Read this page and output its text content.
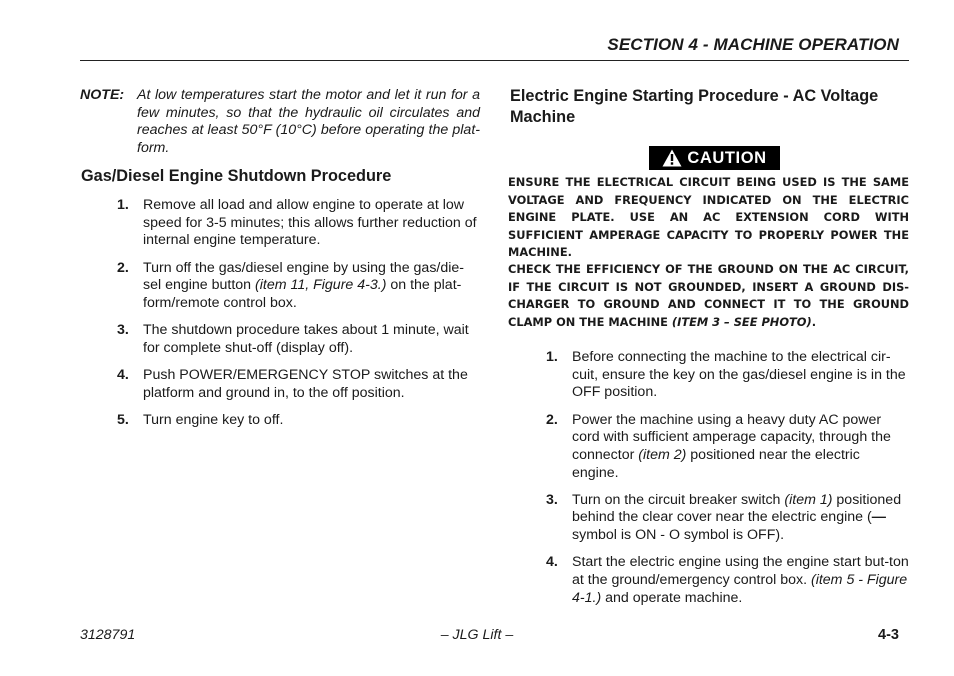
SECTION 4 - MACHINE OPERATION
NOTE: At low temperatures start the motor and let it run for a few minutes, so that the hydraulic oil circulates and reaches at least 50°F (10°C) before operating the plat-form.
Gas/Diesel Engine Shutdown Procedure
1. Remove all load and allow engine to operate at low speed for 3-5 minutes; this allows further reduction of internal engine temperature.
2. Turn off the gas/diesel engine by using the gas/die-sel engine button (item 11, Figure 4-3.) on the plat-form/remote control box.
3. The shutdown procedure takes about 1 minute, wait for complete shut-off (display off).
4. Push POWER/EMERGENCY STOP switches at the platform and ground in, to the off position.
5. Turn engine key to off.
Electric Engine Starting Procedure - AC Voltage Machine
CAUTION
ENSURE THE ELECTRICAL CIRCUIT BEING USED IS THE SAME VOLTAGE AND FREQUENCY INDICATED ON THE ELECTRIC ENGINE PLATE. USE AN AC EXTENSION CORD WITH SUFFICIENT AMPERAGE CAPACITY TO PROPERLY POWER THE MACHINE.
CHECK THE EFFICIENCY OF THE GROUND ON THE AC CIRCUIT, IF THE CIRCUIT IS NOT GROUNDED, INSERT A GROUND DIS-CHARGER TO GROUND AND CONNECT IT TO THE GROUND CLAMP ON THE MACHINE (ITEM 3 – SEE PHOTO).
1. Before connecting the machine to the electrical cir-cuit, ensure the key on the gas/diesel engine is in the OFF position.
2. Power the machine using a heavy duty AC power cord with sufficient amperage capacity, through the connector (item 2) positioned near the electric engine.
3. Turn on the circuit breaker switch (item 1) positioned behind the clear cover near the electric engine (— symbol is ON - O symbol is OFF).
4. Start the electric engine using the engine start but-ton at the ground/emergency control box. (item 5 - Figure 4-1.) and operate machine.
3128791	– JLG Lift –	4-3
